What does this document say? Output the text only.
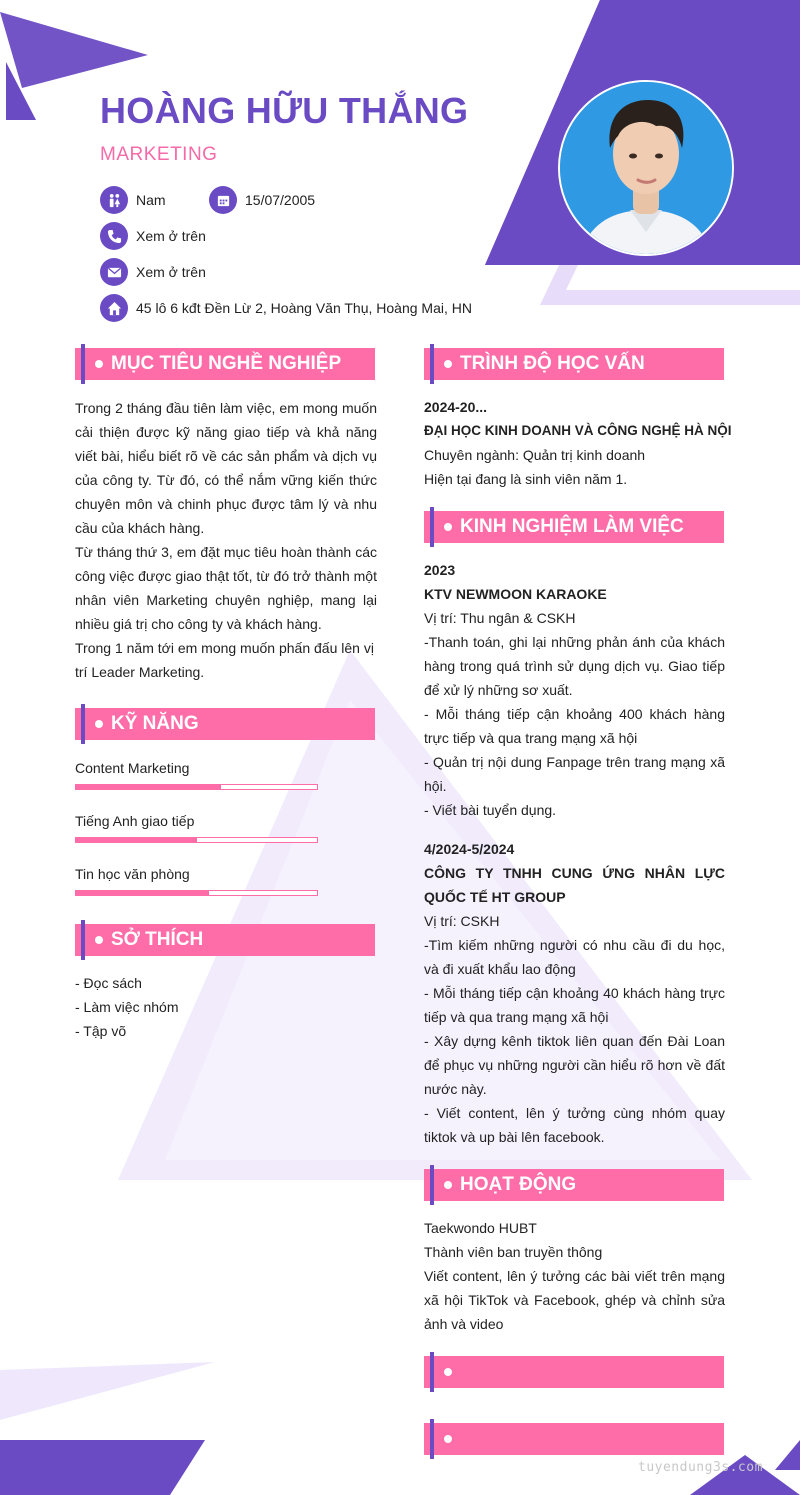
HOÀNG HỮU THẮNG
MARKETING
Nam	15/07/2005
Xem ở trên
Xem ở trên
45 lô 6 kđt Đền Lừ 2, Hoàng Văn Thụ, Hoàng Mai, HN
MỤC TIÊU NGHỀ NGHIỆP

Trong 2 tháng đầu tiên làm việc, em mong muốn cải thiện được kỹ năng giao tiếp và khả năng viết bài, hiểu biết rõ về các sản phẩm và dịch vụ của công ty. Từ đó, có thể nắm vững kiến thức chuyên môn và chinh phục được tâm lý và nhu cầu của khách hàng.

Từ tháng thứ 3, em đặt mục tiêu hoàn thành các công việc được giao thật tốt, từ đó trở thành một nhân viên Marketing chuyên nghiệp, mang lại nhiều giá trị cho công ty và khách hàng.

Trong 1 năm tới em mong muốn phấn đấu lên vị trí Leader Marketing.

KỸ NĂNG
Content Marketing
Tiếng Anh giao tiếp
Tin học văn phòng
SỞ THÍCH
- Đọc sách
- Làm việc nhóm
- Tập võ
TRÌNH ĐỘ HỌC VẤN

2024-20...

ĐẠI HỌC KINH DOANH VÀ CÔNG NGHỆ HÀ NỘI

Chuyên ngành: Quản trị kinh doanh

Hiện tại đang là sinh viên năm 1.

KINH NGHIỆM LÀM VIỆC

2023

KTV NEWMOON KARAOKE

Vị trí: Thu ngân & CSKH

-Thanh toán, ghi lại những phản ánh của khách hàng trong quá trình sử dụng dịch vụ. Giao tiếp để xử lý những sơ xuất.

- Mỗi tháng tiếp cận khoảng 400 khách hàng trực tiếp và qua trang mạng xã hội

- Quản trị nội dung Fanpage trên trang mạng xã hội.

- Viết bài tuyển dụng.

4/2024-5/2024

CÔNG TY TNHH CUNG ỨNG NHÂN LỰC QUỐC TẾ HT GROUP

Vị trí: CSKH

-Tìm kiếm những người có nhu cầu đi du học, và đi xuất khẩu lao động

- Mỗi tháng tiếp cận khoảng 40 khách hàng trực tiếp và qua trang mạng xã hội

- Xây dựng kênh tiktok liên quan đến Đài Loan để phục vụ những người cần hiểu rõ hơn về đất nước này.

- Viết content, lên ý tưởng cùng nhóm quay tiktok và up bài lên facebook.

HOẠT ĐỘNG

Taekwondo HUBT

Thành viên ban truyền thông

Viết content, lên ý tưởng các bài viết trên mạng xã hội TikTok và Facebook, ghép và chỉnh sửa ảnh và video

tuyendung3s.com
